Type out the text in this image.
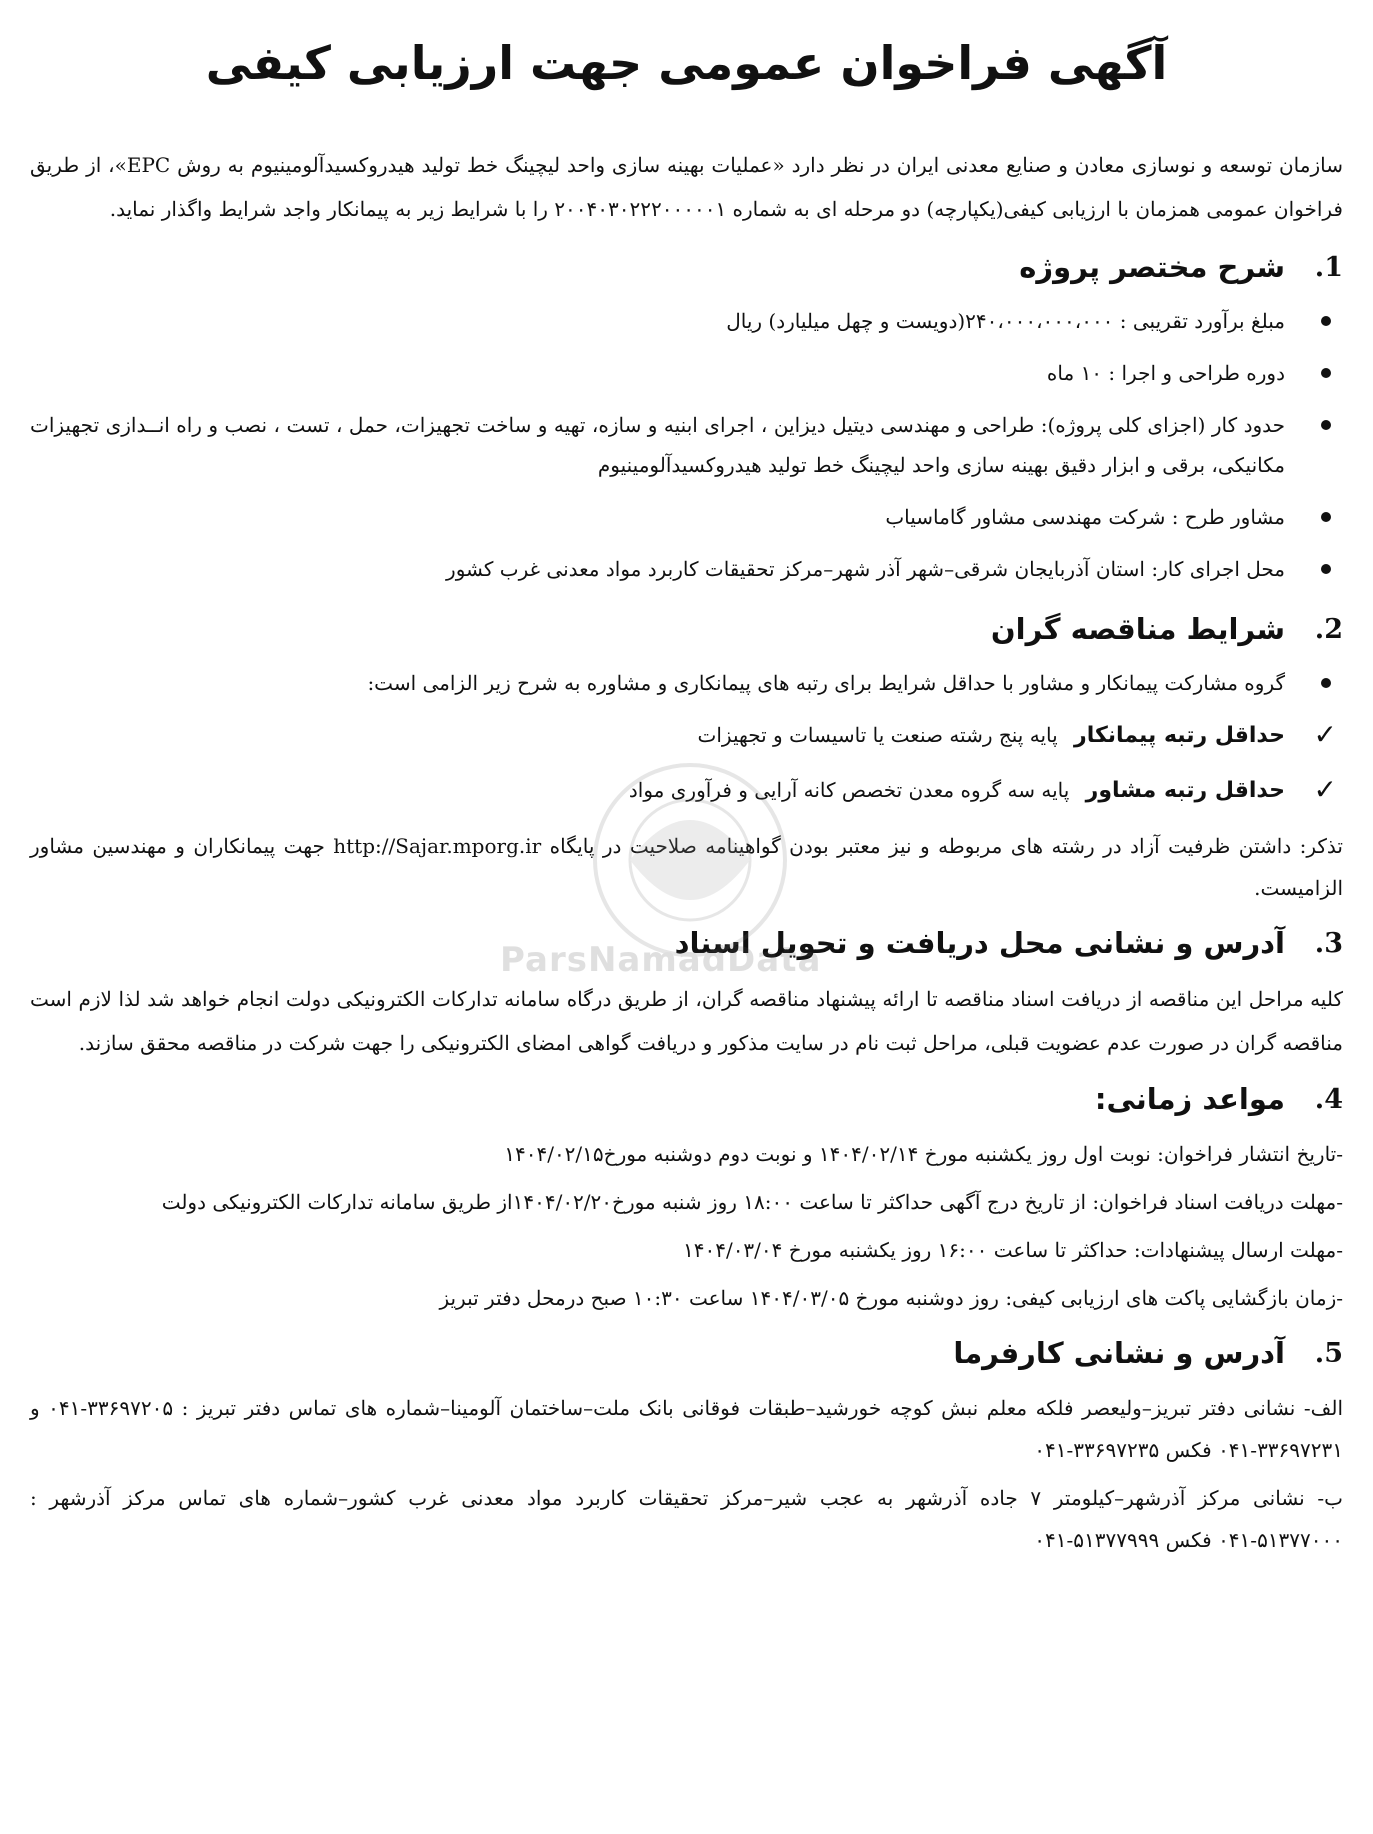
آگهی فراخوان عمومی جهت ارزیابی کیفی

سازمان توسعه و نوسازی معادن و صنایع معدنی ایران در نظر دارد «عملیات بهینه سازی واحد لیچینگ خط تولید هیدروکسیدآلومینیوم به روش EPC»، از طریق فراخوان عمومی همزمان با ارزیابی کیفی(یکپارچه) دو مرحله ای به شماره ۲۰۰۴۰۳۰۲۲۲۰۰۰۰۰۱ را با شرایط زیر به پیمانکار واجد شرایط واگذار نماید.

1.
شرح مختصر پروژه
مبلغ برآورد تقریبی : ۲۴۰،۰۰۰،۰۰۰،۰۰۰(دویست و چهل میلیارد) ریال
دوره طراحی و اجرا : ۱۰ ماه
حدود کار (اجزای کلی پروژه): طراحی و مهندسی دیتیل دیزاین ، اجرای ابنیه و سازه، تهیه و ساخت تجهیزات، حمل ، تست ، نصب و راه انــدازی تجهیزات مکانیکی، برقی و ابزار دقیق بهینه سازی واحد لیچینگ خط تولید هیدروکسیدآلومینیوم
مشاور طرح : شرکت مهندسی مشاور گاماسیاب
محل اجرای کار: استان آذربایجان شرقی–شهر آذر شهر–مرکز تحقیقات کاربرد مواد معدنی غرب کشور
2.
شرایط مناقصه گران
گروه مشارکت پیمانکار و مشاور با حداقل شرایط برای رتبه های پیمانکاری و مشاوره به شرح زیر الزامی است:
✓
حداقل رتبه پیمانکار پایه پنج رشته صنعت یا تاسیسات و تجهیزات
✓
حداقل رتبه مشاور پایه سه گروه معدن تخصص کانه آرایی و فرآوری مواد

تذکر: داشتن ظرفیت آزاد در رشته های مربوطه و نیز معتبر بودن گواهینامه صلاحیت در پایگاه http://Sajar.mporg.ir جهت پیمانکاران و مهندسین مشاور الزامیست.

3.
آدرس و نشانی محل دریافت و تحویل اسناد

کلیه مراحل این مناقصه از دریافت اسناد مناقصه تا ارائه پیشنهاد مناقصه گران، از طریق درگاه سامانه تدارکات الکترونیکی دولت انجام خواهد شد لذا لازم است مناقصه گران در صورت عدم عضویت قبلی، مراحل ثبت نام در سایت مذکور و دریافت گواهی امضای الکترونیکی را جهت شرکت در مناقصه محقق سازند.

4.
مواعد زمانی:

-تاریخ انتشار فراخوان: نوبت اول روز یکشنبه مورخ ۱۴۰۴/۰۲/۱۴ و نوبت دوم دوشنبه مورخ۱۴۰۴/۰۲/۱۵

-مهلت دریافت اسناد فراخوان: از تاریخ درج آگهی حداکثر تا ساعت ۱۸:۰۰ روز شنبه مورخ۱۴۰۴/۰۲/۲۰از طریق سامانه تدارکات الکترونیکی دولت

-مهلت ارسال پیشنهادات: حداکثر تا ساعت ۱۶:۰۰ روز یکشنبه مورخ ۱۴۰۴/۰۳/۰۴

-زمان بازگشایی پاکت های ارزیابی کیفی: روز دوشنبه مورخ ۱۴۰۴/۰۳/۰۵ ساعت ۱۰:۳۰ صبح درمحل دفتر تبریز

5.
آدرس و نشانی کارفرما

الف- نشانی دفتر تبریز–ولیعصر فلکه معلم نبش کوچه خورشید–طبقات فوقانی بانک ملت–ساختمان آلومینا–شماره های تماس دفتر تبریز : ۳۳۶۹۷۲۰۵-۰۴۱ و ۳۳۶۹۷۲۳۱-۰۴۱ فکس ۳۳۶۹۷۲۳۵-۰۴۱

ب- نشانی مرکز آذرشهر–کیلومتر ۷ جاده آذرشهر به عجب شیر–مرکز تحقیقات کاربرد مواد معدنی غرب کشور–شماره های تماس مرکز آذرشهر : ۵۱۳۷۷۰۰۰-۰۴۱ فکس ۵۱۳۷۷۹۹۹-۰۴۱

ParsNamadData
